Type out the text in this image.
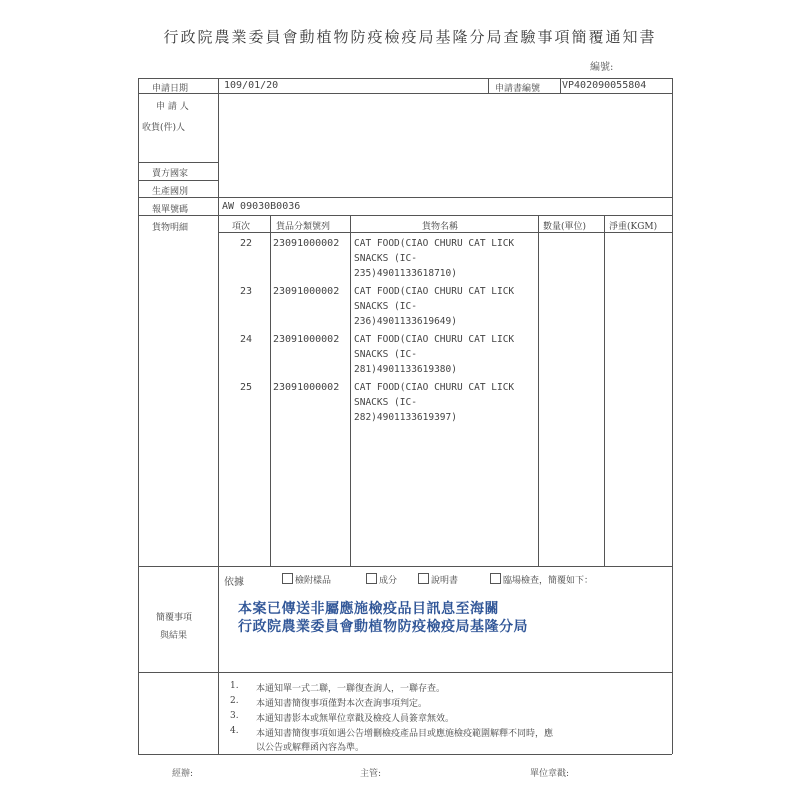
行政院農業委員會動植物防疫檢疫局基隆分局查驗事項簡覆通知書
編號:
申請日期	109/01/20	申請書編號 VP402090055804
申 請 人
收貨(件)人
賣方國家
生產國別
報單號碼	AW 09030B0036
貨物明細	項次	貨品分類號列	貨物名稱	數量(單位)	淨重(KGM)
22 23091000002 CAT FOOD(CIAO CHURU CAT LICK
SNACKS (IC-
235)4901133618710)
23 23091000002 CAT FOOD(CIAO CHURU CAT LICK
SNACKS (IC-
236)4901133619649)
24 23091000002 CAT FOOD(CIAO CHURU CAT LICK
SNACKS (IC-
281)4901133619380)
25 23091000002 CAT FOOD(CIAO CHURU CAT LICK
SNACKS (IC-
282)4901133619397)
簡覆事項
與結果
依據	檢附樣品	成分	說明書	臨場檢查，簡覆如下：
本案已傳送非屬應施檢疫品目訊息至海關
行政院農業委員會動植物防疫檢疫局基隆分局
1. 本通知單一式二聯，一聯復查詢人，一聯存查。
2. 本通知書簡復事項僅對本次查詢事項判定。
3. 本通知書影本或無單位章戳及檢疫人員簽章無效。
4. 本通知書簡復事項如遇公告增刪檢疫產品目或應施檢疫範圍解釋不同時，應
以公告或解釋函內容為準。
經辦:	主管:	單位章戳:
